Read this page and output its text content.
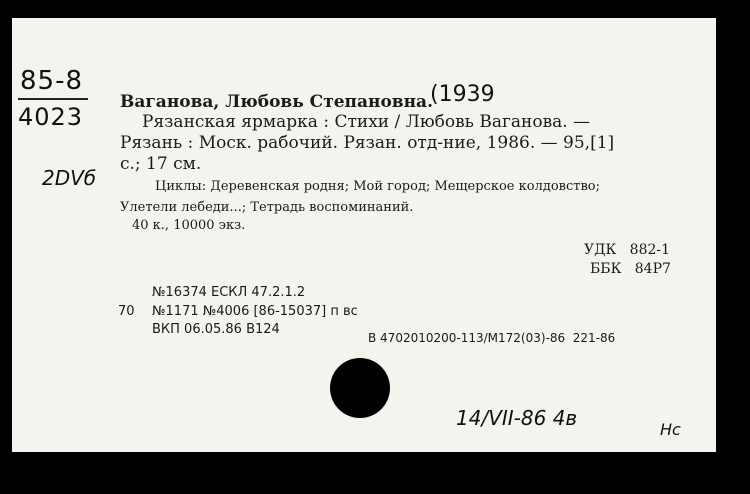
85-8
4023
2DVб
Ваганова, Любовь Степановна.
(1939
Рязанская ярмарка : Стихи / Любовь Ваганова. —
Рязань : Моск. рабочий. Рязан. отд-ние, 1986. — 95,[1]
с.; 17 см.
Циклы: Деревенская родня; Мой город; Мещерское колдовство;
Улетели лебеди...; Тетрадь воспоминаний.
40 к., 10000 экз.
УДК   882-1
ББК   84Р7
№16374 ЕСКЛ 47.2.1.2
70 №1171 №4006 [86-15037] п вс
ВКП 06.05.86 В124
В 4702010200-113/М172(03)-86  221-86
14/VII-86 4в	Нс
